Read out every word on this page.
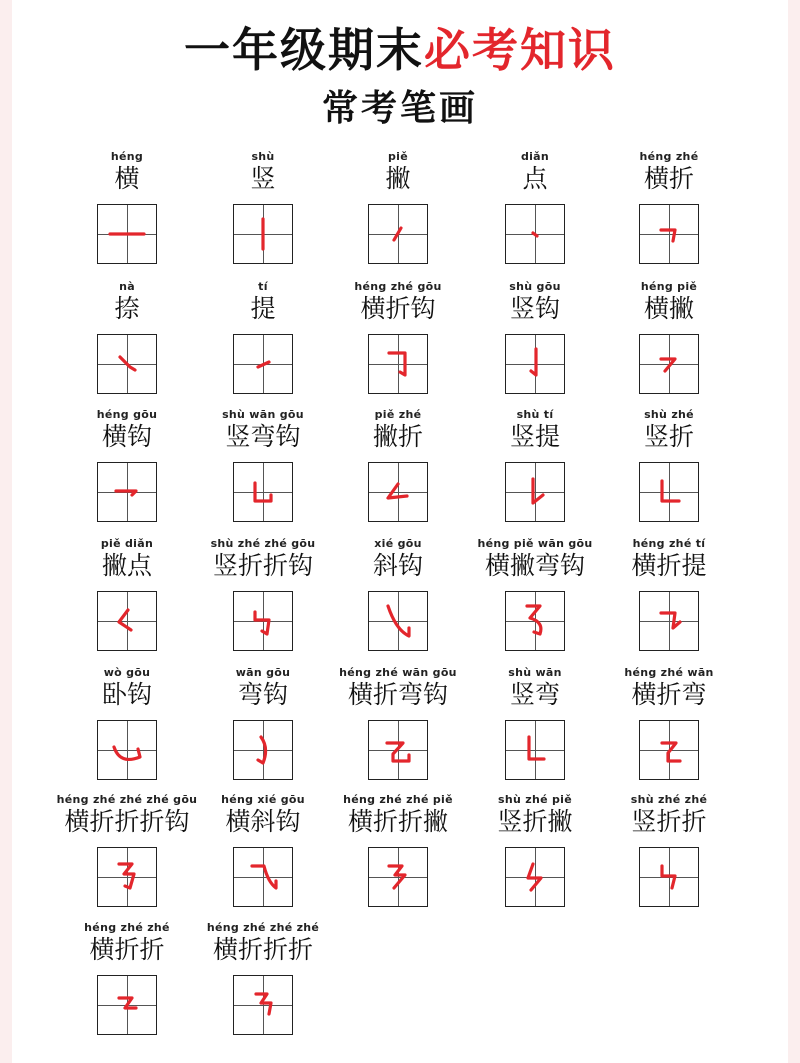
一年级期末必考知识
常考笔画
héng
横
shù
竖
piě
撇
diǎn
点
héng zhé
横折
nà
捺
tí
提
héng zhé gōu
横折钩
shù gōu
竖钩
héng piě
横撇
héng gōu
横钩
shù wān gōu
竖弯钩
piě zhé
撇折
shù tí
竖提
shù zhé
竖折
piě diǎn
撇点
shù zhé zhé gōu
竖折折钩
xié gōu
斜钩
héng piě wān gōu
横撇弯钩
héng zhé tí
横折提
wò gōu
卧钩
wān gōu
弯钩
héng zhé wān gōu
横折弯钩
shù wān
竖弯
héng zhé wān
横折弯
héng zhé zhé zhé gōu
横折折折钩
héng xié gōu
横斜钩
héng zhé zhé piě
横折折撇
shù zhé piě
竖折撇
shù zhé zhé
竖折折
héng zhé zhé
横折折
héng zhé zhé zhé
横折折折
